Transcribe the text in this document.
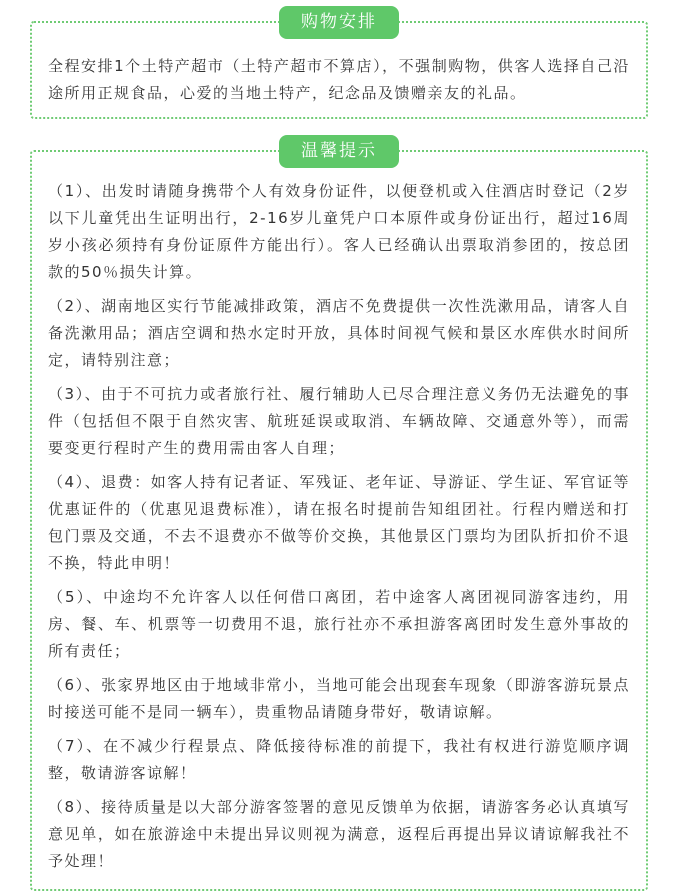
购物安排

全程安排1个土特产超市（土特产超市不算店），不强制购物，供客人选择自己沿途所用正规食品，心爱的当地土特产，纪念品及馈赠亲友的礼品。

温馨提示

（1）、出发时请随身携带个人有效身份证件，以便登机或入住酒店时登记（2岁以下儿童凭出生证明出行，2-16岁儿童凭户口本原件或身份证出行，超过16周岁小孩必须持有身份证原件方能出行）。客人已经确认出票取消参团的，按总团款的50％损失计算。

（2）、湖南地区实行节能减排政策，酒店不免费提供一次性洗漱用品，请客人自备洗漱用品；酒店空调和热水定时开放，具体时间视气候和景区水库供水时间所定，请特别注意；

（3）、由于不可抗力或者旅行社、履行辅助人已尽合理注意义务仍无法避免的事件（包括但不限于自然灾害、航班延误或取消、车辆故障、交通意外等），而需要变更行程时产生的费用需由客人自理；

（4）、退费：如客人持有记者证、军残证、老年证、导游证、学生证、军官证等优惠证件的（优惠见退费标准），请在报名时提前告知组团社。行程内赠送和打包门票及交通，不去不退费亦不做等价交换，其他景区门票均为团队折扣价不退不换，特此申明！

（5）、中途均不允许客人以任何借口离团，若中途客人离团视同游客违约，用房、餐、车、机票等一切费用不退，旅行社亦不承担游客离团时发生意外事故的所有责任；

（6）、张家界地区由于地域非常小，当地可能会出现套车现象（即游客游玩景点时接送可能不是同一辆车），贵重物品请随身带好，敬请谅解。

（7）、在不减少行程景点、降低接待标准的前提下，我社有权进行游览顺序调整，敬请游客谅解！

（8）、接待质量是以大部分游客签署的意见反馈单为依据，请游客务必认真填写意见单，如在旅游途中未提出异议则视为满意，返程后再提出异议请谅解我社不予处理！
